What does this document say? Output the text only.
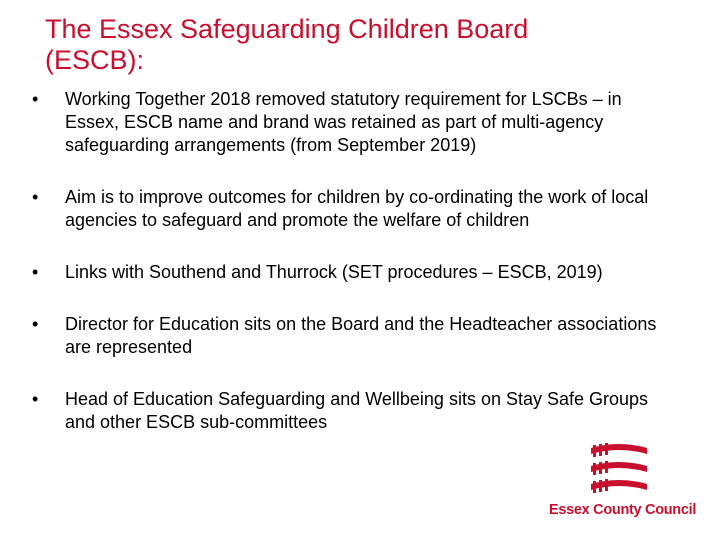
The Essex Safeguarding Children Board
(ESCB):
• Working Together 2018 removed statutory requirement for LSCBs – in Essex, ESCB name and brand was retained as part of multi-agency safeguarding arrangements (from September 2019)
• Aim is to improve outcomes for children by co-ordinating the work of local agencies to safeguard and promote the welfare of children
• Links with Southend and Thurrock (SET procedures – ESCB, 2019)
• Director for Education sits on the Board and the Headteacher associations are represented
• Head of Education Safeguarding and Wellbeing sits on Stay Safe Groups and other ESCB sub-committees
Essex County Council
